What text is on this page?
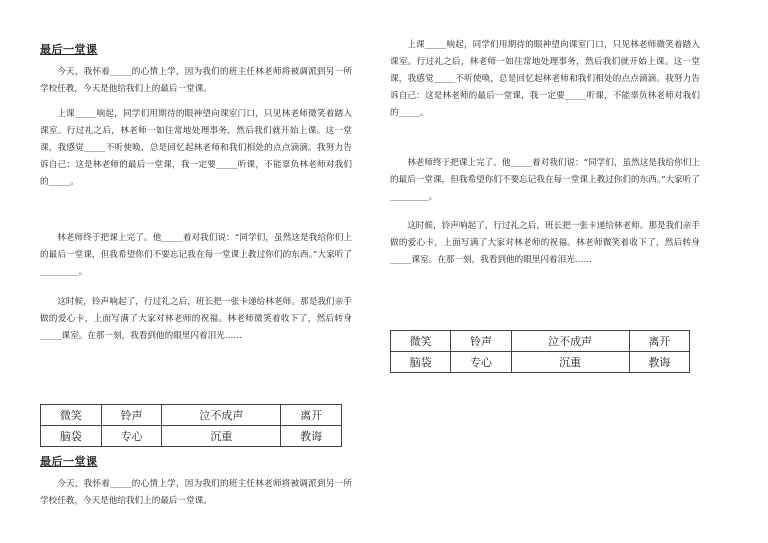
最后一堂课

今天，我怀着_____的心情上学，因为我们的班主任林老师将被调派到另一所学校任教，今天是他给我们上的最后一堂课。

上课_____响起，同学们用期待的眼神望向课室门口，只见林老师微笑着踏入课室。行过礼之后，林老师一如往常地处理事务，然后我们就开始上课。这一堂课，我感觉_____不听使唤，总是回忆起林老师和我们相处的点点滴滴。我努力告诉自己：这是林老师的最后一堂课，我一定要_____听课，不能辜负林老师对我们的_____。

林老师终于把课上完了。他_____着对我们说：“同学们，虽然这是我给你们上的最后一堂课，但我希望你们不要忘记我在每一堂课上教过你们的东西。”大家听了_________。

这时候，铃声响起了，行过礼之后，班长把一张卡递给林老师。那是我们亲手做的爱心卡，上面写满了大家对林老师的祝福。林老师微笑着收下了，然后转身_____课室。在那一刻，我看到他的眼里闪着泪光……

微笑	铃声	泣不成声	离开
脑袋	专心	沉重	教诲
最后一堂课

今天，我怀着_____的心情上学，因为我们的班主任林老师将被调派到另一所学校任教，今天是他给我们上的最后一堂课。

上课_____响起，同学们用期待的眼神望向课室门口，只见林老师微笑着踏入课室。行过礼之后，林老师一如往常地处理事务，然后我们就开始上课。这一堂课，我感觉_____不听使唤，总是回忆起林老师和我们相处的点点滴滴。我努力告诉自己：这是林老师的最后一堂课，我一定要_____听课，不能辜负林老师对我们的_____。

林老师终于把课上完了。他_____着对我们说：“同学们，虽然这是我给你们上的最后一堂课，但我希望你们不要忘记我在每一堂课上教过你们的东西。”大家听了_________。

这时候，铃声响起了，行过礼之后，班长把一张卡递给林老师。那是我们亲手做的爱心卡，上面写满了大家对林老师的祝福。林老师微笑着收下了，然后转身_____课室。在那一刻，我看到他的眼里闪着泪光……

微笑	铃声	泣不成声	离开
脑袋	专心	沉重	教诲
